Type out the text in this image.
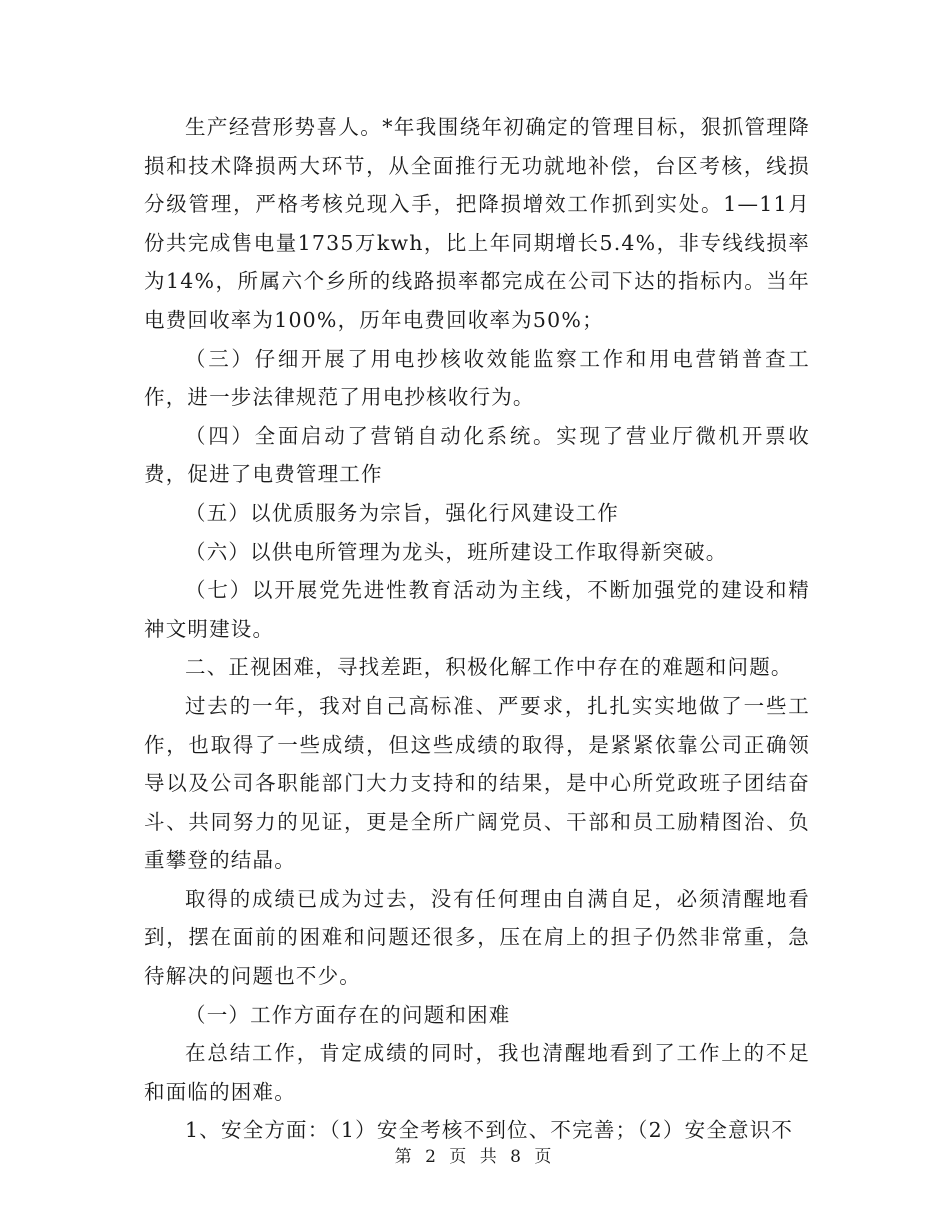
生产经营形势喜人。*年我围绕年初确定的管理目标，狠抓管理降损和技术降损两大环节，从全面推行无功就地补偿，台区考核，线损分级管理，严格考核兑现入手，把降损增效工作抓到实处。1—11月份共完成售电量1735万kwh，比上年同期增长5.4%，非专线线损率为14%，所属六个乡所的线路损率都完成在公司下达的指标内。当年电费回收率为100%，历年电费回收率为50%；

（三）仔细开展了用电抄核收效能监察工作和用电营销普查工作，进一步法律规范了用电抄核收行为。

（四）全面启动了营销自动化系统。实现了营业厅微机开票收费，促进了电费管理工作

（五）以优质服务为宗旨，强化行风建设工作

（六）以供电所管理为龙头，班所建设工作取得新突破。

（七）以开展党先进性教育活动为主线，不断加强党的建设和精神文明建设。

二、正视困难，寻找差距，积极化解工作中存在的难题和问题。

过去的一年，我对自己高标准、严要求，扎扎实实地做了一些工作，也取得了一些成绩，但这些成绩的取得，是紧紧依靠公司正确领导以及公司各职能部门大力支持和的结果，是中心所党政班子团结奋斗、共同努力的见证，更是全所广阔党员、干部和员工励精图治、负重攀登的结晶。

取得的成绩已成为过去，没有任何理由自满自足，必须清醒地看到，摆在面前的困难和问题还很多，压在肩上的担子仍然非常重，急待解决的问题也不少。

（一）工作方面存在的问题和困难

在总结工作，肯定成绩的同时，我也清醒地看到了工作上的不足和面临的困难。

1、安全方面：（1）安全考核不到位、不完善；（2）安全意识不

第 2 页 共 8 页
